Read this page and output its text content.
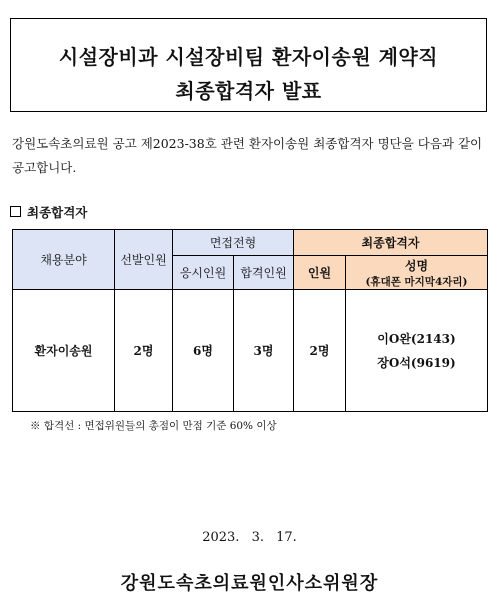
시설장비과 시설장비팀 환자이송원 계약직
최종합격자 발표
강원도속초의료원 공고 제2023-38호 관련 환자이송원 최종합격자 명단을 다음과 같이 공고합니다.
최종합격자
채용분야	선발인원	면접전형		최종합격자	
		응시인원	합격인원	인원	성명
(휴대폰 마지막4자리)

환자이송원	2명	6명	3명	2명	이O완(2143)
장O석(9619)
※ 합격선 : 면접위원들의 총점이 만점 기준 60% 이상
2023. 3. 17.
강원도속초의료원인사소위원장
